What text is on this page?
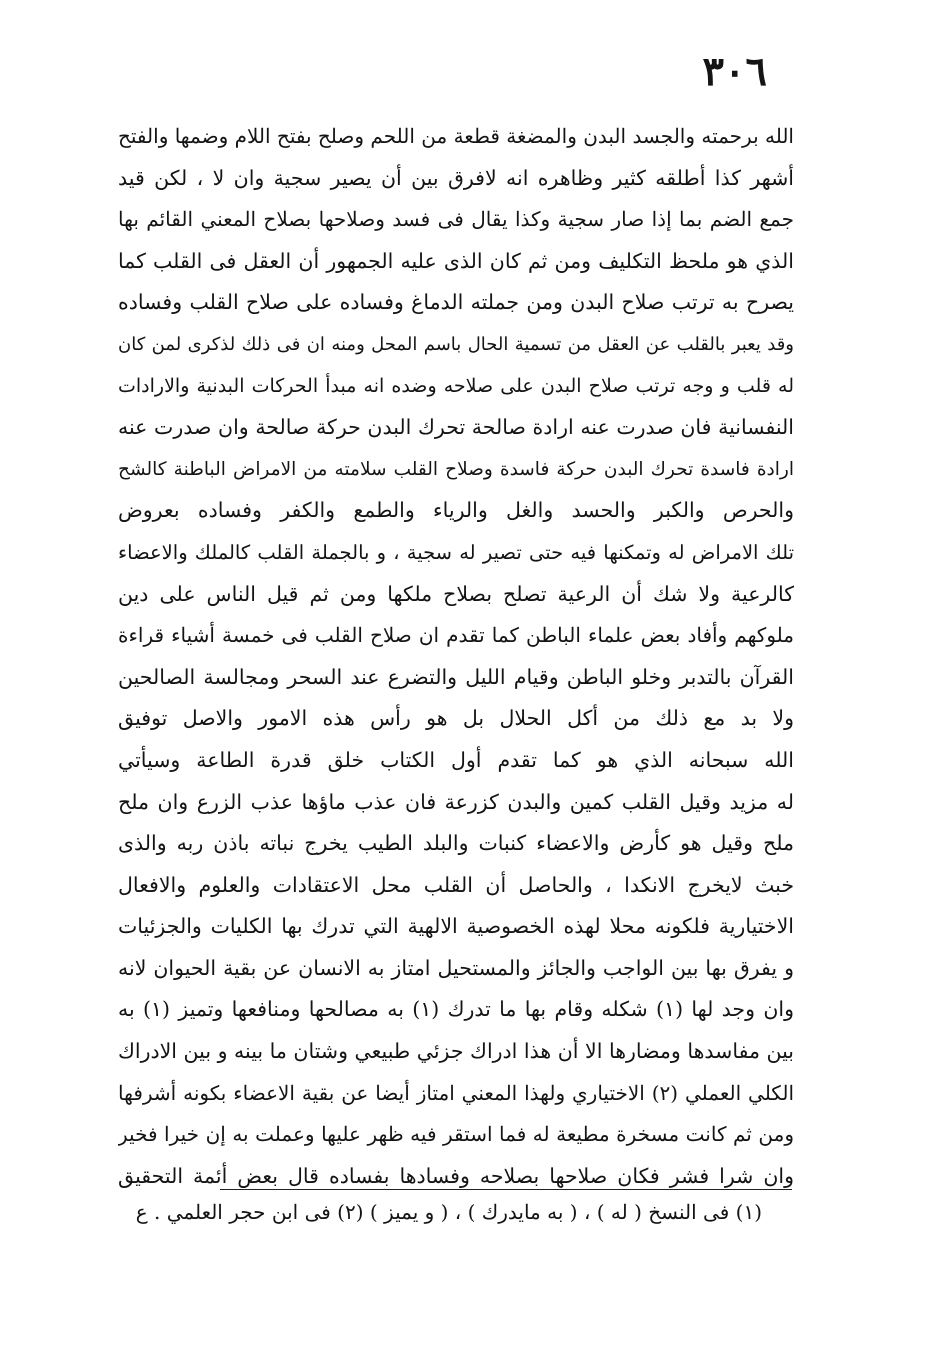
٣٠٦
الله برحمته والجسد البدن والمضغة قطعة من اللحم وصلح بفتح اللام وضمها والفتح
أشهر كذا أطلقه كثير وظاهره انه لافرق بين أن يصير سجية وان لا ، لكن قيد
جمع الضم بما إذا صار سجية وكذا يقال فى فسد وصلاحها بصلاح المعني القائم بها
الذي هو ملحظ التكليف ومن ثم كان الذى عليه الجمهور أن العقل فى القلب كما
يصرح به ترتب صلاح البدن ومن جملته الدماغ وفساده على صلاح القلب وفساده
وقد يعبر بالقلب عن العقل من تسمية الحال باسم المحل ومنه ان فى ذلك لذكرى لمن كان
له قلب و وجه ترتب صلاح البدن على صلاحه وضده انه مبدأ الحركات البدنية والارادات
النفسانية فان صدرت عنه ارادة صالحة تحرك البدن حركة صالحة وان صدرت عنه
ارادة فاسدة تحرك البدن حركة فاسدة وصلاح القلب سلامته من الامراض الباطنة كالشح
والحرص والكبر والحسد والغل والرياء والطمع والكفر وفساده بعروض
تلك الامراض له وتمكنها فيه حتى تصير له سجية ، و بالجملة القلب كالملك والاعضاء
كالرعية ولا شك أن الرعية تصلح بصلاح ملكها ومن ثم قيل الناس على دين
ملوكهم وأفاد بعض علماء الباطن كما تقدم ان صلاح القلب فى خمسة أشياء قراءة
القرآن بالتدبر وخلو الباطن وقيام الليل والتضرع عند السحر ومجالسة الصالحين
ولا بد مع ذلك من أكل الحلال بل هو رأس هذه الامور والاصل توفيق
الله سبحانه الذي هو كما تقدم أول الكتاب خلق قدرة الطاعة وسيأتي
له مزيد وقيل القلب كمين والبدن كزرعة فان عذب ماؤها عذب الزرع وان ملح
ملح وقيل هو كأرض والاعضاء كنبات والبلد الطيب يخرج نباته باذن ربه والذى
خبث لايخرج الانكدا ، والحاصل أن القلب محل الاعتقادات والعلوم والافعال
الاختيارية فلكونه محلا لهذه الخصوصية الالهية التي تدرك بها الكليات والجزئيات
و يفرق بها بين الواجب والجائز والمستحيل امتاز به الانسان عن بقية الحيوان لانه
وان وجد لها (١) شكله وقام بها ما تدرك (١) به مصالحها ومنافعها وتميز (١) به
بين مفاسدها ومضارها الا أن هذا ادراك جزئي طبيعي وشتان ما بينه و بين الادراك
الكلي العملي (٢) الاختياري ولهذا المعني امتاز أيضا عن بقية الاعضاء بكونه أشرفها
ومن ثم كانت مسخرة مطيعة له فما استقر فيه ظهر عليها وعملت به إن خيرا فخير
وان شرا فشر فكان صلاحها بصلاحه وفسادها بفساده قال بعض أئمة التحقيق
(١) فى النسخ ( له ) ، ( به مايدرك ) ، ( و يميز ) (٢) فى ابن حجر العلمي . ع
